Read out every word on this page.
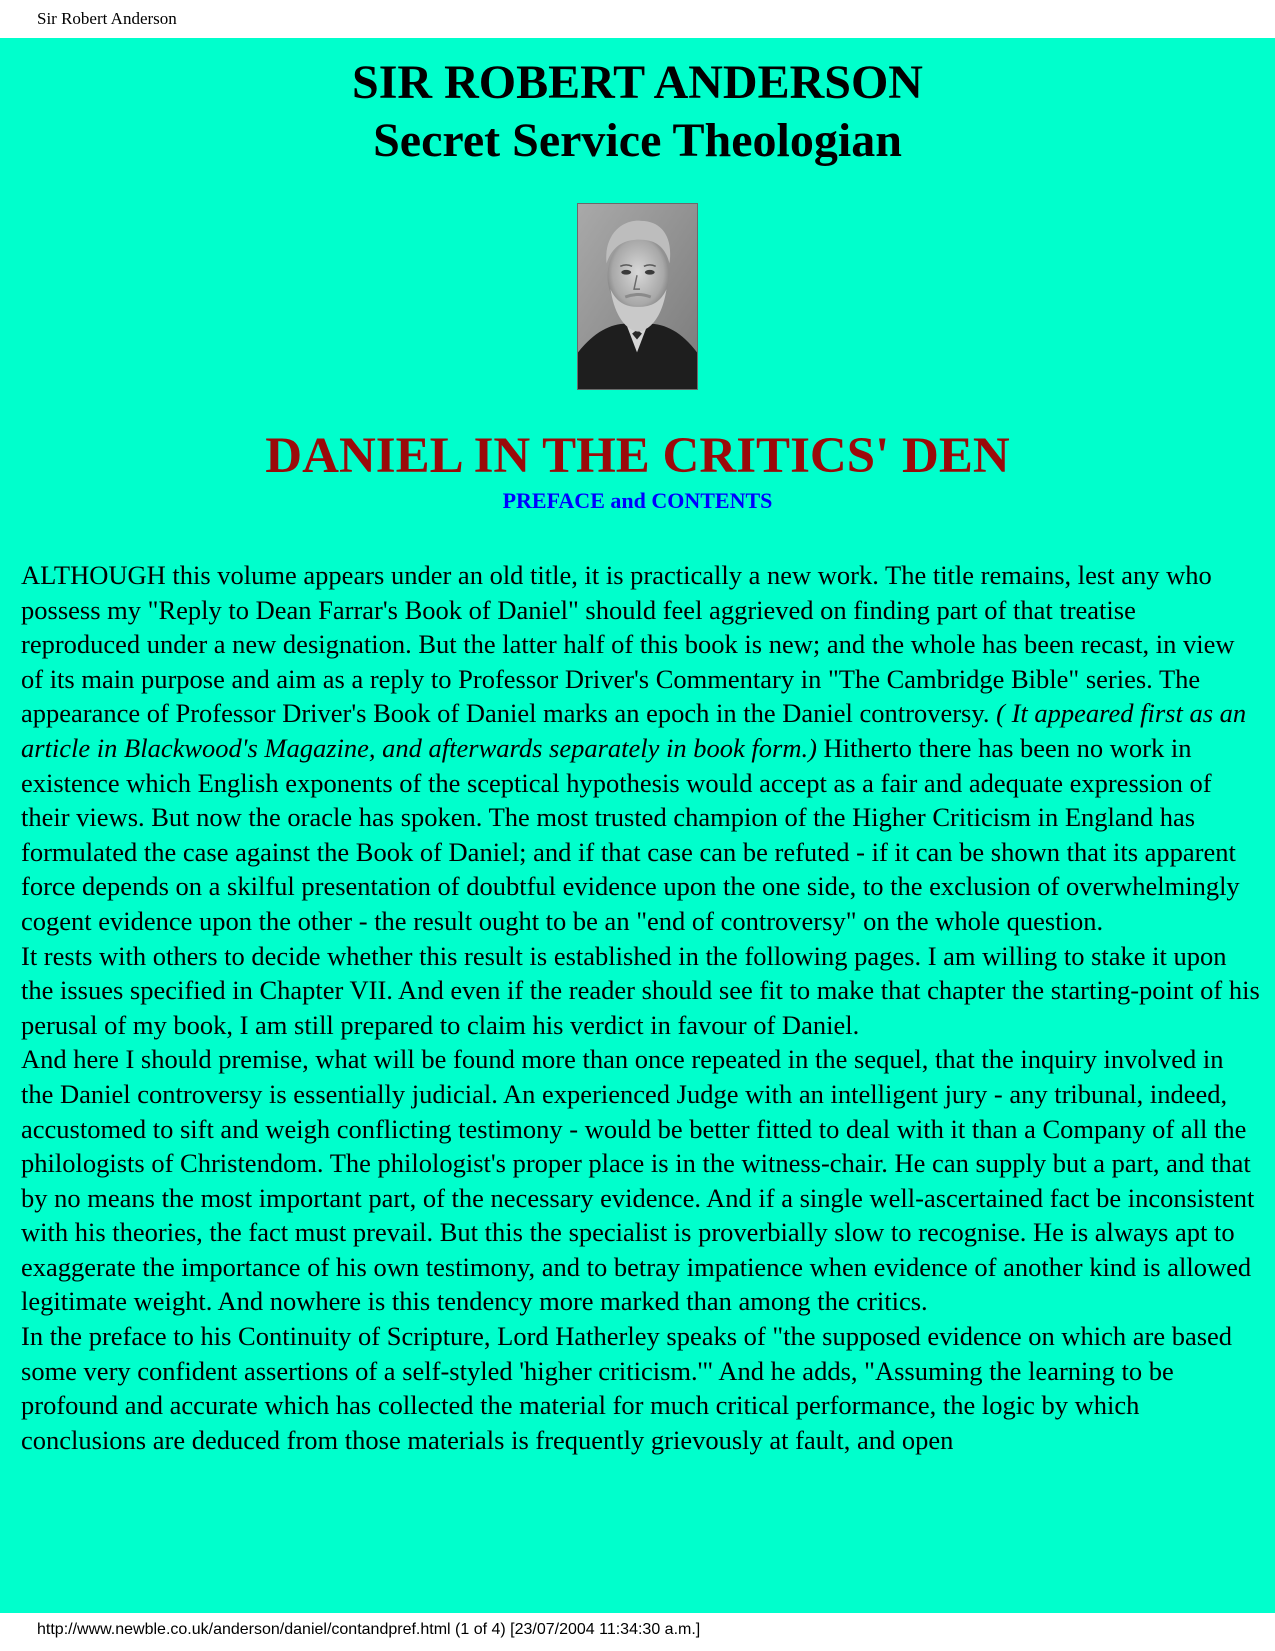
Sir Robert Anderson
SIR ROBERT ANDERSON
Secret Service Theologian
DANIEL IN THE CRITICS' DEN
PREFACE and CONTENTS

ALTHOUGH this volume appears under an old title, it is practically a new work. The title remains, lest any who possess my "Reply to Dean Farrar's Book of Daniel" should feel aggrieved on finding part of that treatise reproduced under a new designation. But the latter half of this book is new; and the whole has been recast, in view of its main purpose and aim as a reply to Professor Driver's Commentary in "The Cambridge Bible" series. The appearance of Professor Driver's Book of Daniel marks an epoch in the Daniel controversy. ( It appeared first as an article in Blackwood's Magazine, and afterwards separately in book form.) Hitherto there has been no work in existence which English exponents of the sceptical hypothesis would accept as a fair and adequate expression of their views. But now the oracle has spoken. The most trusted champion of the Higher Criticism in England has formulated the case against the Book of Daniel; and if that case can be refuted - if it can be shown that its apparent force depends on a skilful presentation of doubtful evidence upon the one side, to the exclusion of overwhelmingly cogent evidence upon the other - the result ought to be an "end of controversy" on the whole question.

It rests with others to decide whether this result is established in the following pages. I am willing to stake it upon the issues specified in Chapter VII. And even if the reader should see fit to make that chapter the starting-point of his perusal of my book, I am still prepared to claim his verdict in favour of Daniel.

And here I should premise, what will be found more than once repeated in the sequel, that the inquiry involved in the Daniel controversy is essentially judicial. An experienced Judge with an intelligent jury - any tribunal, indeed, accustomed to sift and weigh conflicting testimony - would be better fitted to deal with it than a Company of all the philologists of Christendom. The philologist's proper place is in the witness-chair. He can supply but a part, and that by no means the most important part, of the necessary evidence. And if a single well-ascertained fact be inconsistent with his theories, the fact must prevail. But this the specialist is proverbially slow to recognise. He is always apt to exaggerate the importance of his own testimony, and to betray impatience when evidence of another kind is allowed legitimate weight. And nowhere is this tendency more marked than among the critics.

In the preface to his Continuity of Scripture, Lord Hatherley speaks of "the supposed evidence on which are based some very confident assertions of a self-styled 'higher criticism.'" And he adds, "Assuming the learning to be profound and accurate which has collected the material for much critical performance, the logic by which conclusions are deduced from those materials is frequently grievously at fault, and open

http://www.newble.co.uk/anderson/daniel/contandpref.html (1 of 4) [23/07/2004 11:34:30 a.m.]
